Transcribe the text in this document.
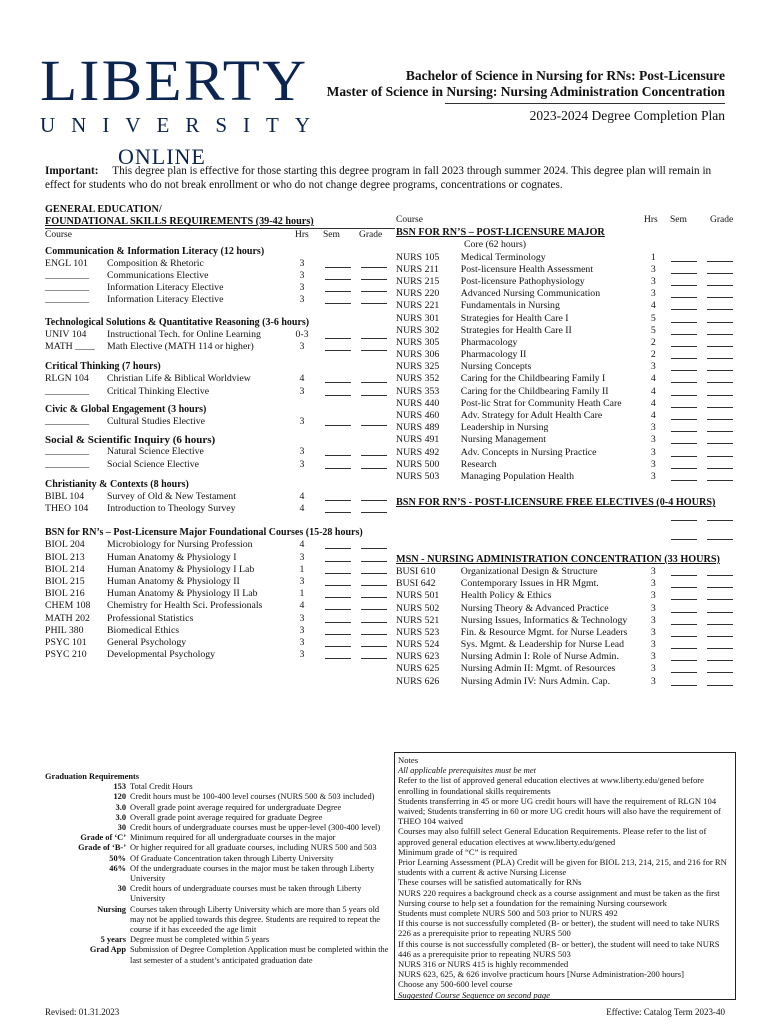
LIBERTY
UNIVERSITY
ONLINE
Bachelor of Science in Nursing for RNs: Post-Licensure
Master of Science in Nursing: Nursing Administration Concentration
2023-2024 Degree Completion Plan
Important: This degree plan is effective for those starting this degree program in fall 2023 through summer 2024. This degree plan will remain in effect for students who do not break enrollment or who do not change degree programs, concentrations or cognates.
GENERAL EDUCATION/
FOUNDATIONAL SKILLS REQUIREMENTS (39-42 hours)
Course	Hrs	Sem	Grade
Communication & Information Literacy (12 hours)
ENGL 101	Composition & Rhetoric	3
_________	Communications Elective	3
_________	Information Literacy Elective	3
_________	Information Literacy Elective	3
Technological Solutions & Quantitative Reasoning (3-6 hours)
UNIV 104	Instructional Tech. for Online Learning	0-3
MATH ____	Math Elective (MATH 114 or higher)	3
Critical Thinking (7 hours)
RLGN 104	Christian Life & Biblical Worldview	4
_________	Critical Thinking Elective	3
Civic & Global Engagement (3 hours)
_________	Cultural Studies Elective	3
Social & Scientific Inquiry (6 hours)
_________	Natural Science Elective	3
_________	Social Science Elective	3
Christianity & Contexts (8 hours)
BIBL 104	Survey of Old & New Testament	4
THEO 104	Introduction to Theology Survey	4
BSN for RN’s – Post-Licensure Major Foundational Courses (15-28 hours)
BIOL 204	Microbiology for Nursing Profession	4
BIOL 213	Human Anatomy & Physiology I	3
BIOL 214	Human Anatomy & Physiology I Lab	1
BIOL 215	Human Anatomy & Physiology II	3
BIOL 216	Human Anatomy & Physiology II Lab	1
CHEM 108	Chemistry for Health Sci. Professionals	4
MATH 202	Professional Statistics	3
PHIL 380	Biomedical Ethics	3
PSYC 101	General Psychology	3
PSYC 210	Developmental Psychology	3
Course	Hrs	Sem	Grade
BSN FOR RN’S – POST-LICENSURE MAJOR
Core (62 hours)
NURS 105	Medical Terminology	1
NURS 211	Post-licensure Health Assessment	3
NURS 215	Post-licensure Pathophysiology	3
NURS 220	Advanced Nursing Communication	3
NURS 221	Fundamentals in Nursing	4
NURS 301	Strategies for Health Care I	5
NURS 302	Strategies for Health Care II	5
NURS 305	Pharmacology	2
NURS 306	Pharmacology II	2
NURS 325	Nursing Concepts	3
NURS 352	Caring for the Childbearing Family I	4
NURS 353	Caring for the Childbearing Family II	4
NURS 440	Post-lic Strat for Community Heath Care	4
NURS 460	Adv. Strategy for Adult Health Care	4
NURS 489	Leadership in Nursing	3
NURS 491	Nursing Management	3
NURS 492	Adv. Concepts in Nursing Practice	3
NURS 500	Research	3
NURS 503	Managing Population Health	3
BSN FOR RN’S - POST-LICENSURE FREE ELECTIVES (0-4 HOURS)
MSN - NURSING ADMINISTRATION CONCENTRATION (33 HOURS)
BUSI 610	Organizational Design & Structure	3
BUSI 642	Contemporary Issues in HR Mgmt.	3
NURS 501	Health Policy & Ethics	3
NURS 502	Nursing Theory & Advanced Practice	3
NURS 521	Nursing Issues, Informatics & Technology	3
NURS 523	Fin. & Resource Mgmt. for Nurse Leaders	3
NURS 524	Sys. Mgmt. & Leadership for Nurse Lead	3
NURS 623	Nursing Admin I: Role of Nurse Admin.	3
NURS 625	Nursing Admin II: Mgmt. of Resources	3
NURS 626	Nursing Admin IV: Nurs Admin. Cap.	3
Graduation Requirements
153 Total Credit Hours
120 Credit hours must be 100-400 level courses (NURS 500 & 503 included)
3.0 Overall grade point average required for undergraduate Degree
3.0 Overall grade point average required for graduate Degree
30 Credit hours of undergraduate courses must be upper-level (300-400 level)
Grade of ‘C’ Minimum required for all undergraduate courses in the major
Grade of ‘B-’ Or higher required for all graduate courses, including NURS 500 and 503
50% Of Graduate Concentration taken through Liberty University
46% Of the undergraduate courses in the major must be taken through Liberty University
30 Credit hours of undergraduate courses must be taken through Liberty University
Nursing Courses taken through Liberty University which are more than 5 years old may not be applied towards this degree. Students are required to repeat the course if it has exceeded the age limit
5 years Degree must be completed within 5 years
Grad App Submission of Degree Completion Application must be completed within the last semester of a student’s anticipated graduation date
Notes
All applicable prerequisites must be met
Refer to the list of approved general education electives at www.liberty.edu/gened before enrolling in foundational skills requirements
Students transferring in 45 or more UG credit hours will have the requirement of RLGN 104 waived; Students transferring in 60 or more UG credit hours will also have the requirement of THEO 104 waived
Courses may also fulfill select General Education Requirements. Please refer to the list of approved general education electives at www.liberty.edu/gened
Minimum grade of “C” is required
Prior Learning Assessment (PLA) Credit will be given for BIOL 213, 214, 215, and 216 for RN students with a current & active Nursing License
These courses will be satisfied automatically for RNs
NURS 220 requires a background check as a course assignment and must be taken as the first Nursing course to help set a foundation for the remaining Nursing coursework
Students must complete NURS 500 and 503 prior to NURS 492
If this course is not successfully completed (B- or better), the student will need to take NURS 226 as a prerequisite prior to repeating NURS 500
If this course is not successfully completed (B- or better), the student will need to take NURS 446 as a prerequisite prior to repeating NURS 503
NURS 316 or NURS 415 is highly recommended
NURS 623, 625, & 626 involve practicum hours [Nurse Administration-200 hours]
Choose any 500-600 level course
Suggested Course Sequence on second page
Revised: 01.31.2023	Effective: Catalog Term 2023-40
